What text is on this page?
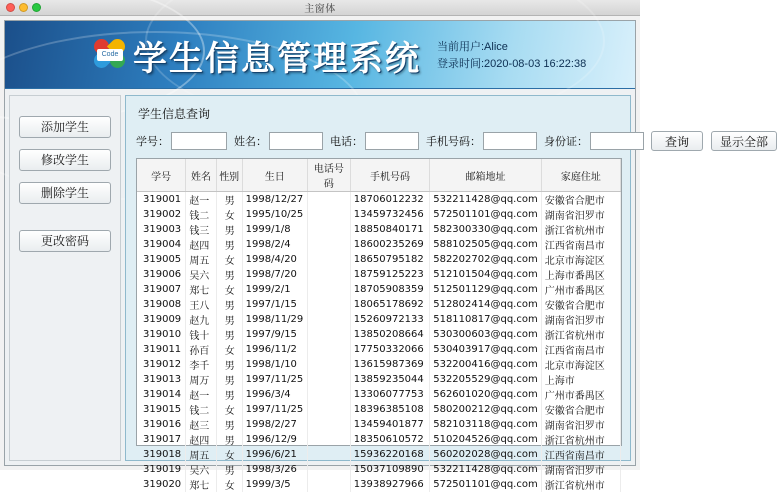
主窗体
Code 学生信息管理系统 当前用户:Alice
登录时间:2020-08-03 16:22:38
添加学生
修改学生
删除学生
更改密码
学生信息查询
学号：	姓名：	电话：	手机号码：	身份证：	查询	显示全部
学号	姓名	性别	生日	电话号码	手机号码	邮箱地址	家庭住址
319001	赵一	男	1998/12/27		18706012232	532211428@qq.com	安徽省合肥市
319002	钱二	女	1995/10/25		13459732456	572501101@qq.com	湖南省汨罗市
319003	钱三	男	1999/1/8		18850840171	582300330@qq.com	浙江省杭州市
319004	赵四	男	1998/2/4		18600235269	588102505@qq.com	江西省南昌市
319005	周五	女	1998/4/20		18650795182	582202702@qq.com	北京市海淀区
319006	吴六	男	1998/7/20		18759125223	512101504@qq.com	上海市番禺区
319007	郑七	女	1999/2/1		18705908359	512501129@qq.com	广州市番禺区
319008	王八	男	1997/1/15		18065178692	512802414@qq.com	安徽省合肥市
319009	赵九	男	1998/11/29		15260972133	518110817@qq.com	湖南省汨罗市
319010	钱十	男	1997/9/15		13850208664	530300603@qq.com	浙江省杭州市
319011	孙百	女	1996/11/2		17750332066	530403917@qq.com	江西省南昌市
319012	李千	男	1998/1/10		13615987369	532200416@qq.com	北京市海淀区
319013	周万	男	1997/11/25		13859235044	532205529@qq.com	上海市
319014	赵一	男	1996/3/4		13306077753	562601020@qq.com	广州市番禺区
319015	钱二	女	1997/11/25		18396385108	580200212@qq.com	安徽省合肥市
319016	赵三	男	1998/2/27		13459401877	582103118@qq.com	湖南省汨罗市
319017	赵四	男	1996/12/9		18350610572	510204526@qq.com	浙江省杭州市
319018	周五	女	1996/6/21		15936220168	560202028@qq.com	江西省南昌市
319019	吴六	男	1998/3/26		15037109890	532211428@qq.com	湖南省汨罗市
319020	郑七	女	1999/3/5		13938927966	572501101@qq.com	浙江省杭州市
